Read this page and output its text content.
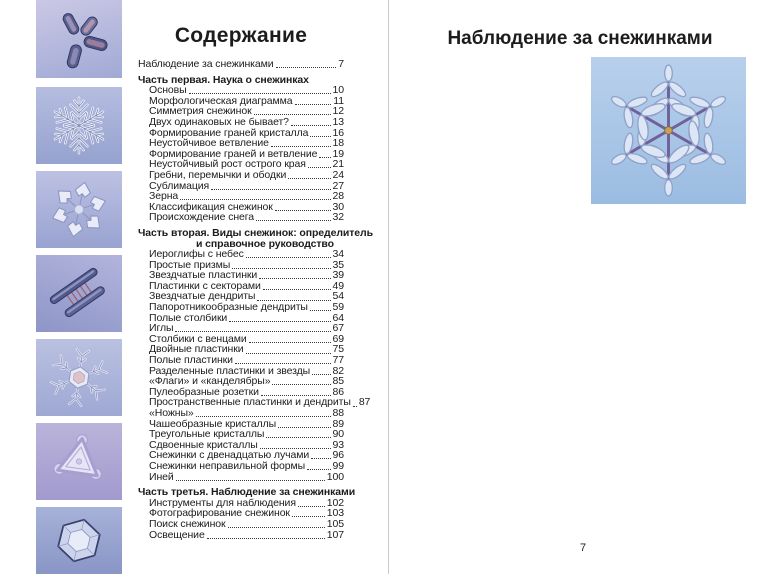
Содержание
Наблюдение за снежинками	7
Часть первая. Наука о снежинках
Основы	10
Морфологическая диаграмма	11
Симметрия снежинок	12
Двух одинаковых не бывает?	13
Формирование граней кристалла 16
Неустойчивое ветвление	18
Формирование граней и ветвление 19
Неустойчивый рост острого края	21
Гребни, перемычки и ободки	24
Сублимация	27
Зерна	28
Классификация снежинок	30
Происхождение снега	32
Часть вторая. Виды снежинок: определитель
и справочное руководство
Иероглифы с небес	34
Простые призмы	35
Звездчатые пластинки	39
Пластинки с секторами	49
Звездчатые дендриты	54
Папоротникообразные дендриты 59
Полые столбики	64
Иглы	67
Столбики с венцами	69
Двойные пластинки	75
Полые пластинки	77
Разделенные пластинки и звезды 82
«Флаги» и «канделябры»	85
Пулеобразные розетки	86
Пространственные пластинки и дендриты 87
«Ножны»	88
Чашеобразные кристаллы	89
Треугольные кристаллы	90
Сдвоенные кристаллы	93
Снежинки с двенадцатью лучами 96
Снежинки неправильной формы	99
Иней	100
Часть третья. Наблюдение за снежинками
Инструменты для наблюдения	102
Фотографирование снежинок	103
Поиск снежинок	105
Освещение	107
Наблюдение за снежинками

7
